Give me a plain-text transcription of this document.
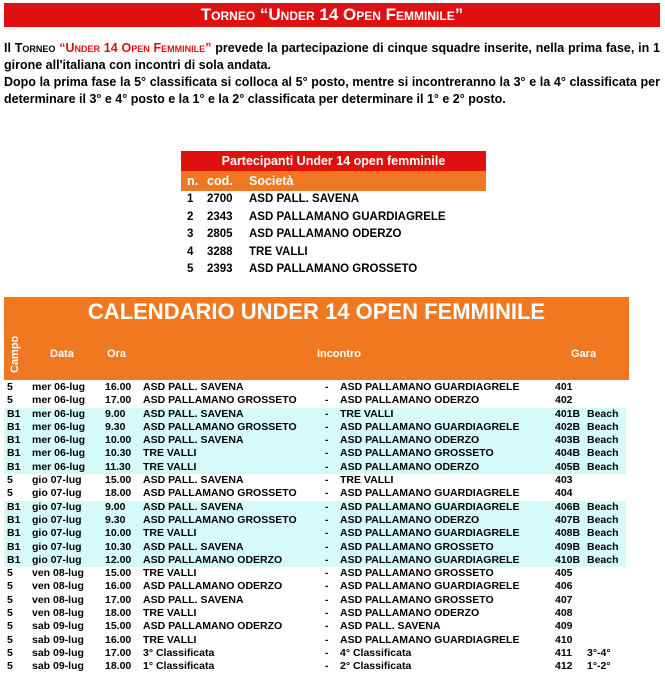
Torneo “Under 14 Open Femminile”

Il Torneo “Under 14 Open Femminile” prevede la partecipazione di cinque squadre inserite, nella prima fase, in 1 girone all'italiana con incontri di sola andata.

Dopo la prima fase la 5° classificata si colloca al 5° posto, mentre si incontreranno la 3° e la 4° classificata per determinare il 3° e 4° posto e la 1° e la 2° classificata per determinare il 1° e 2° posto.

Partecipanti Under 14 open femminile
n. cod. Società
1 2700 ASD PALL. SAVENA
2 2343 ASD PALLAMANO GUARDIAGRELE
3 2805 ASD PALLAMANO ODERZO
4 3288 TRE VALLI
5 2393 ASD PALLAMANO GROSSETO
CALENDARIO UNDER 14 OPEN FEMMINILE
Campo	Data	Ora	Incontro	Gara
5 mer 06-lug 16.00 ASD PALL. SAVENA	- ASD PALLAMANO GUARDIAGRELE	401
5 mer 06-lug 17.00 ASD PALLAMANO GROSSETO	- ASD PALLAMANO ODERZO	402
B1 mer 06-lug 9.00 ASD PALL. SAVENA	- TRE VALLI	401B Beach
B1 mer 06-lug 9.30 ASD PALLAMANO GROSSETO	- ASD PALLAMANO GUARDIAGRELE	402B Beach
B1 mer 06-lug 10.00 ASD PALL. SAVENA	- ASD PALLAMANO ODERZO	403B Beach
B1 mer 06-lug 10.30 TRE VALLI	- ASD PALLAMANO GROSSETO	404B Beach
B1 mer 06-lug 11.30 TRE VALLI	- ASD PALLAMANO ODERZO	405B Beach
5 gio 07-lug 15.00 ASD PALL. SAVENA	- TRE VALLI	403
5 gio 07-lug 18.00 ASD PALLAMANO GROSSETO	- ASD PALLAMANO GUARDIAGRELE	404
B1 gio 07-lug 9.00 ASD PALL. SAVENA	- ASD PALLAMANO GUARDIAGRELE	406B Beach
B1 gio 07-lug 9.30 ASD PALLAMANO GROSSETO	- ASD PALLAMANO ODERZO	407B Beach
B1 gio 07-lug 10.00 TRE VALLI	- ASD PALLAMANO GUARDIAGRELE	408B Beach
B1 gio 07-lug 10.30 ASD PALL. SAVENA	- ASD PALLAMANO GROSSETO	409B Beach
B1 gio 07-lug 12.00 ASD PALLAMANO ODERZO	- ASD PALLAMANO GUARDIAGRELE	410B Beach
5 ven 08-lug 15.00 TRE VALLI	- ASD PALLAMANO GROSSETO	405
5 ven 08-lug 16.00 ASD PALLAMANO ODERZO	- ASD PALLAMANO GUARDIAGRELE	406
5 ven 08-lug 17.00 ASD PALL. SAVENA	- ASD PALLAMANO GROSSETO	407
5 ven 08-lug 18.00 TRE VALLI	- ASD PALLAMANO ODERZO	408
5 sab 09-lug 15.00 ASD PALLAMANO ODERZO	- ASD PALL. SAVENA	409
5 sab 09-lug 16.00 TRE VALLI	- ASD PALLAMANO GUARDIAGRELE	410
5 sab 09-lug 17.00 3° Classificata	- 4° Classificata	411 3°-4°
5 sab 09-lug 18.00 1° Classificata	- 2° Classificata	412 1°-2°
